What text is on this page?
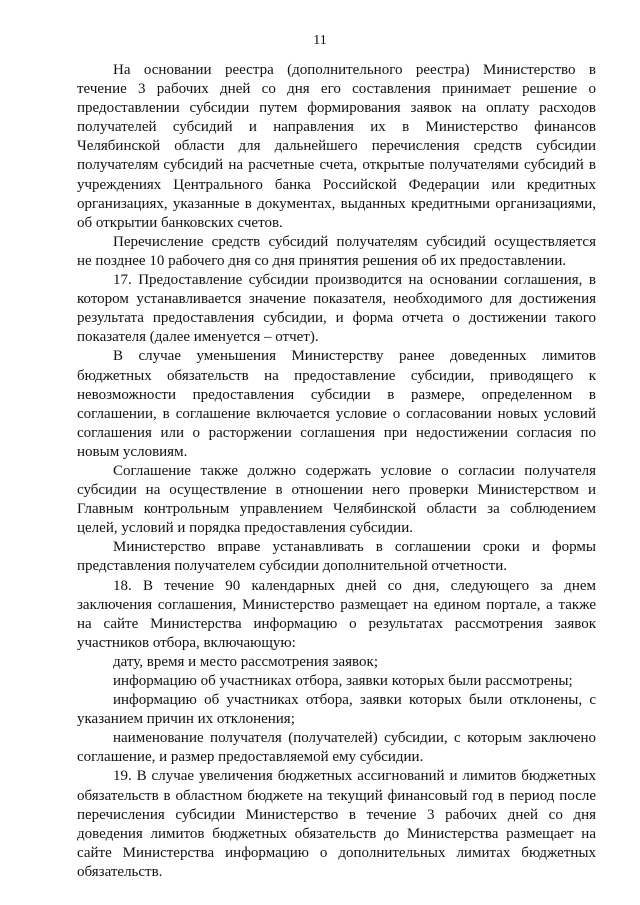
11
На основании реестра (дополнительного реестра) Министерство в
течение 3 рабочих дней со дня его составления принимает решение о
предоставлении субсидии путем формирования заявок на оплату расходов
получателей субсидий и направления их в Министерство финансов
Челябинской области для дальнейшего перечисления средств субсидии
получателям субсидий на расчетные счета, открытые получателями субсидий в
учреждениях Центрального банка Российской Федерации или кредитных
организациях, указанные в документах, выданных кредитными организациями,
об открытии банковских счетов.
Перечисление средств субсидий получателям субсидий осуществляется
не позднее 10 рабочего дня со дня принятия решения об их предоставлении.
17. Предоставление субсидии производится на основании соглашения, в
котором устанавливается значение показателя, необходимого для достижения
результата предоставления субсидии, и форма отчета о достижении такого
показателя (далее именуется – отчет).
В случае уменьшения Министерству ранее доведенных лимитов
бюджетных обязательств на предоставление субсидии, приводящего к
невозможности предоставления субсидии в размере, определенном в
соглашении, в соглашение включается условие о согласовании новых условий
соглашения или о расторжении соглашения при недостижении согласия по
новым условиям.
Соглашение также должно содержать условие о согласии получателя
субсидии на осуществление в отношении него проверки Министерством и
Главным контрольным управлением Челябинской области за соблюдением
целей, условий и порядка предоставления субсидии.
Министерство вправе устанавливать в соглашении сроки и формы
представления получателем субсидии дополнительной отчетности.
18. В течение 90 календарных дней со дня, следующего за днем
заключения соглашения, Министерство размещает на едином портале, а также
на сайте Министерства информацию о результатах рассмотрения заявок
участников отбора, включающую:
дату, время и место рассмотрения заявок;
информацию об участниках отбора, заявки которых были рассмотрены;
информацию об участниках отбора, заявки которых были отклонены, с
указанием причин их отклонения;
наименование получателя (получателей) субсидии, с которым заключено
соглашение, и размер предоставляемой ему субсидии.
19. В случае увеличения бюджетных ассигнований и лимитов бюджетных
обязательств в областном бюджете на текущий финансовый год в период после
перечисления субсидии Министерство в течение 3 рабочих дней со дня
доведения лимитов бюджетных обязательств до Министерства размещает на
сайте Министерства информацию о дополнительных лимитах бюджетных
обязательств.
